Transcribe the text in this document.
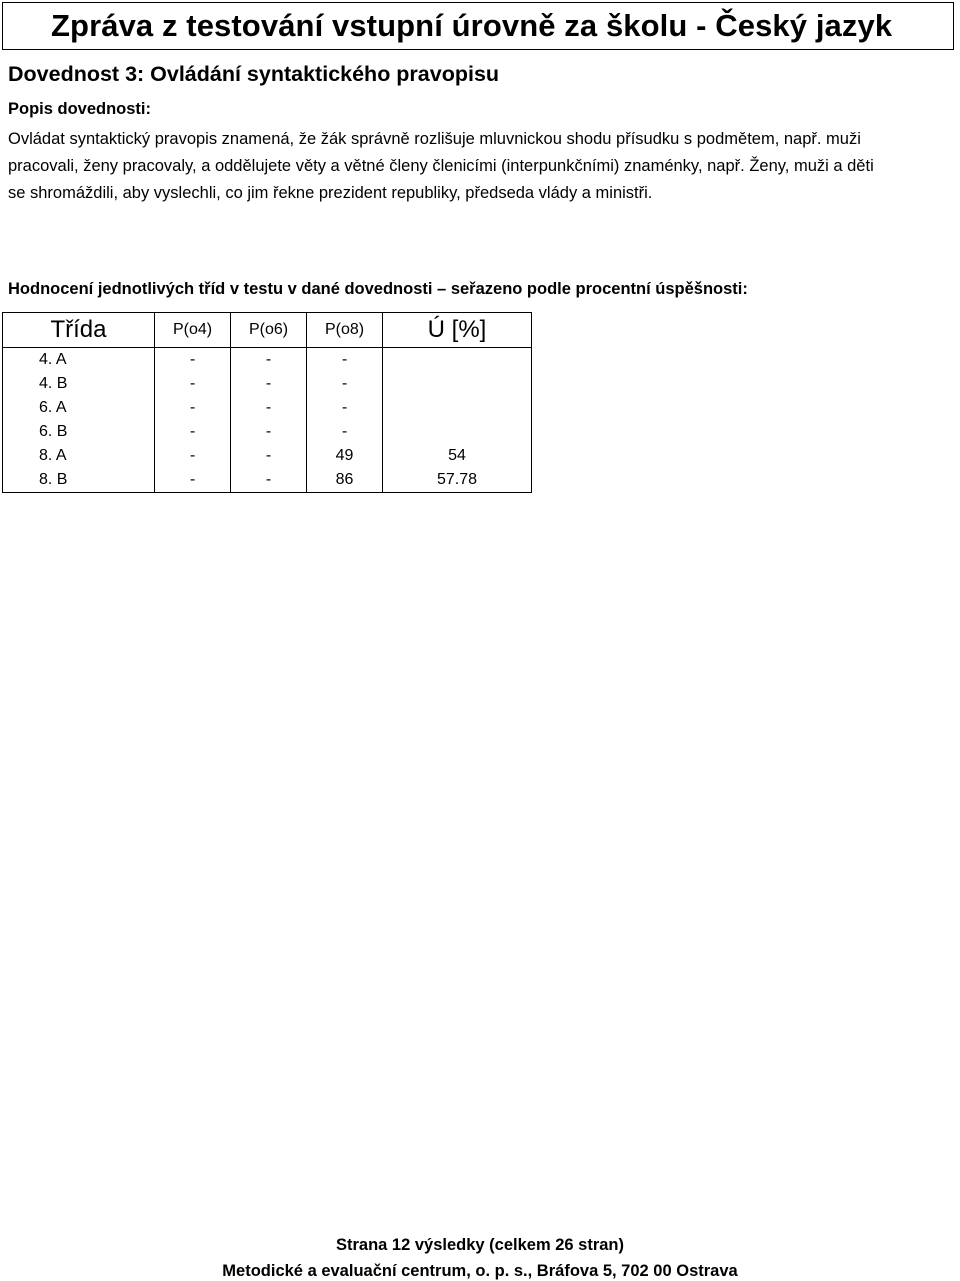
Zpráva z testování vstupní úrovně za školu - Český jazyk
Dovednost 3: Ovládání syntaktického pravopisu

Popis dovednosti:

Ovládat syntaktický pravopis znamená, že žák správně rozlišuje mluvnickou shodu přísudku s podmětem, např. muži
pracovali, ženy pracovaly, a oddělujete věty a větné členy členicími (interpunkčními) znaménky, např. Ženy, muži a děti
se shromáždili, aby vyslechli, co jim řekne prezident republiky, předseda vlády a ministři.

Hodnocení jednotlivých tříd v testu v dané dovednosti – seřazeno podle procentní úspěšnosti:

Třída	P(o4)	P(o6)	P(o8)	Ú [%]
4. A	-	-	-	
4. B	-	-	-	
6. A	-	-	-	
6. B	-	-	-	
8. A	-	-	49	54
8. B	-	-	86	57.78

Strana 12 výsledky (celkem 26 stran)

Metodické a evaluační centrum, o. p. s., Bráfova 5, 702 00 Ostrava
